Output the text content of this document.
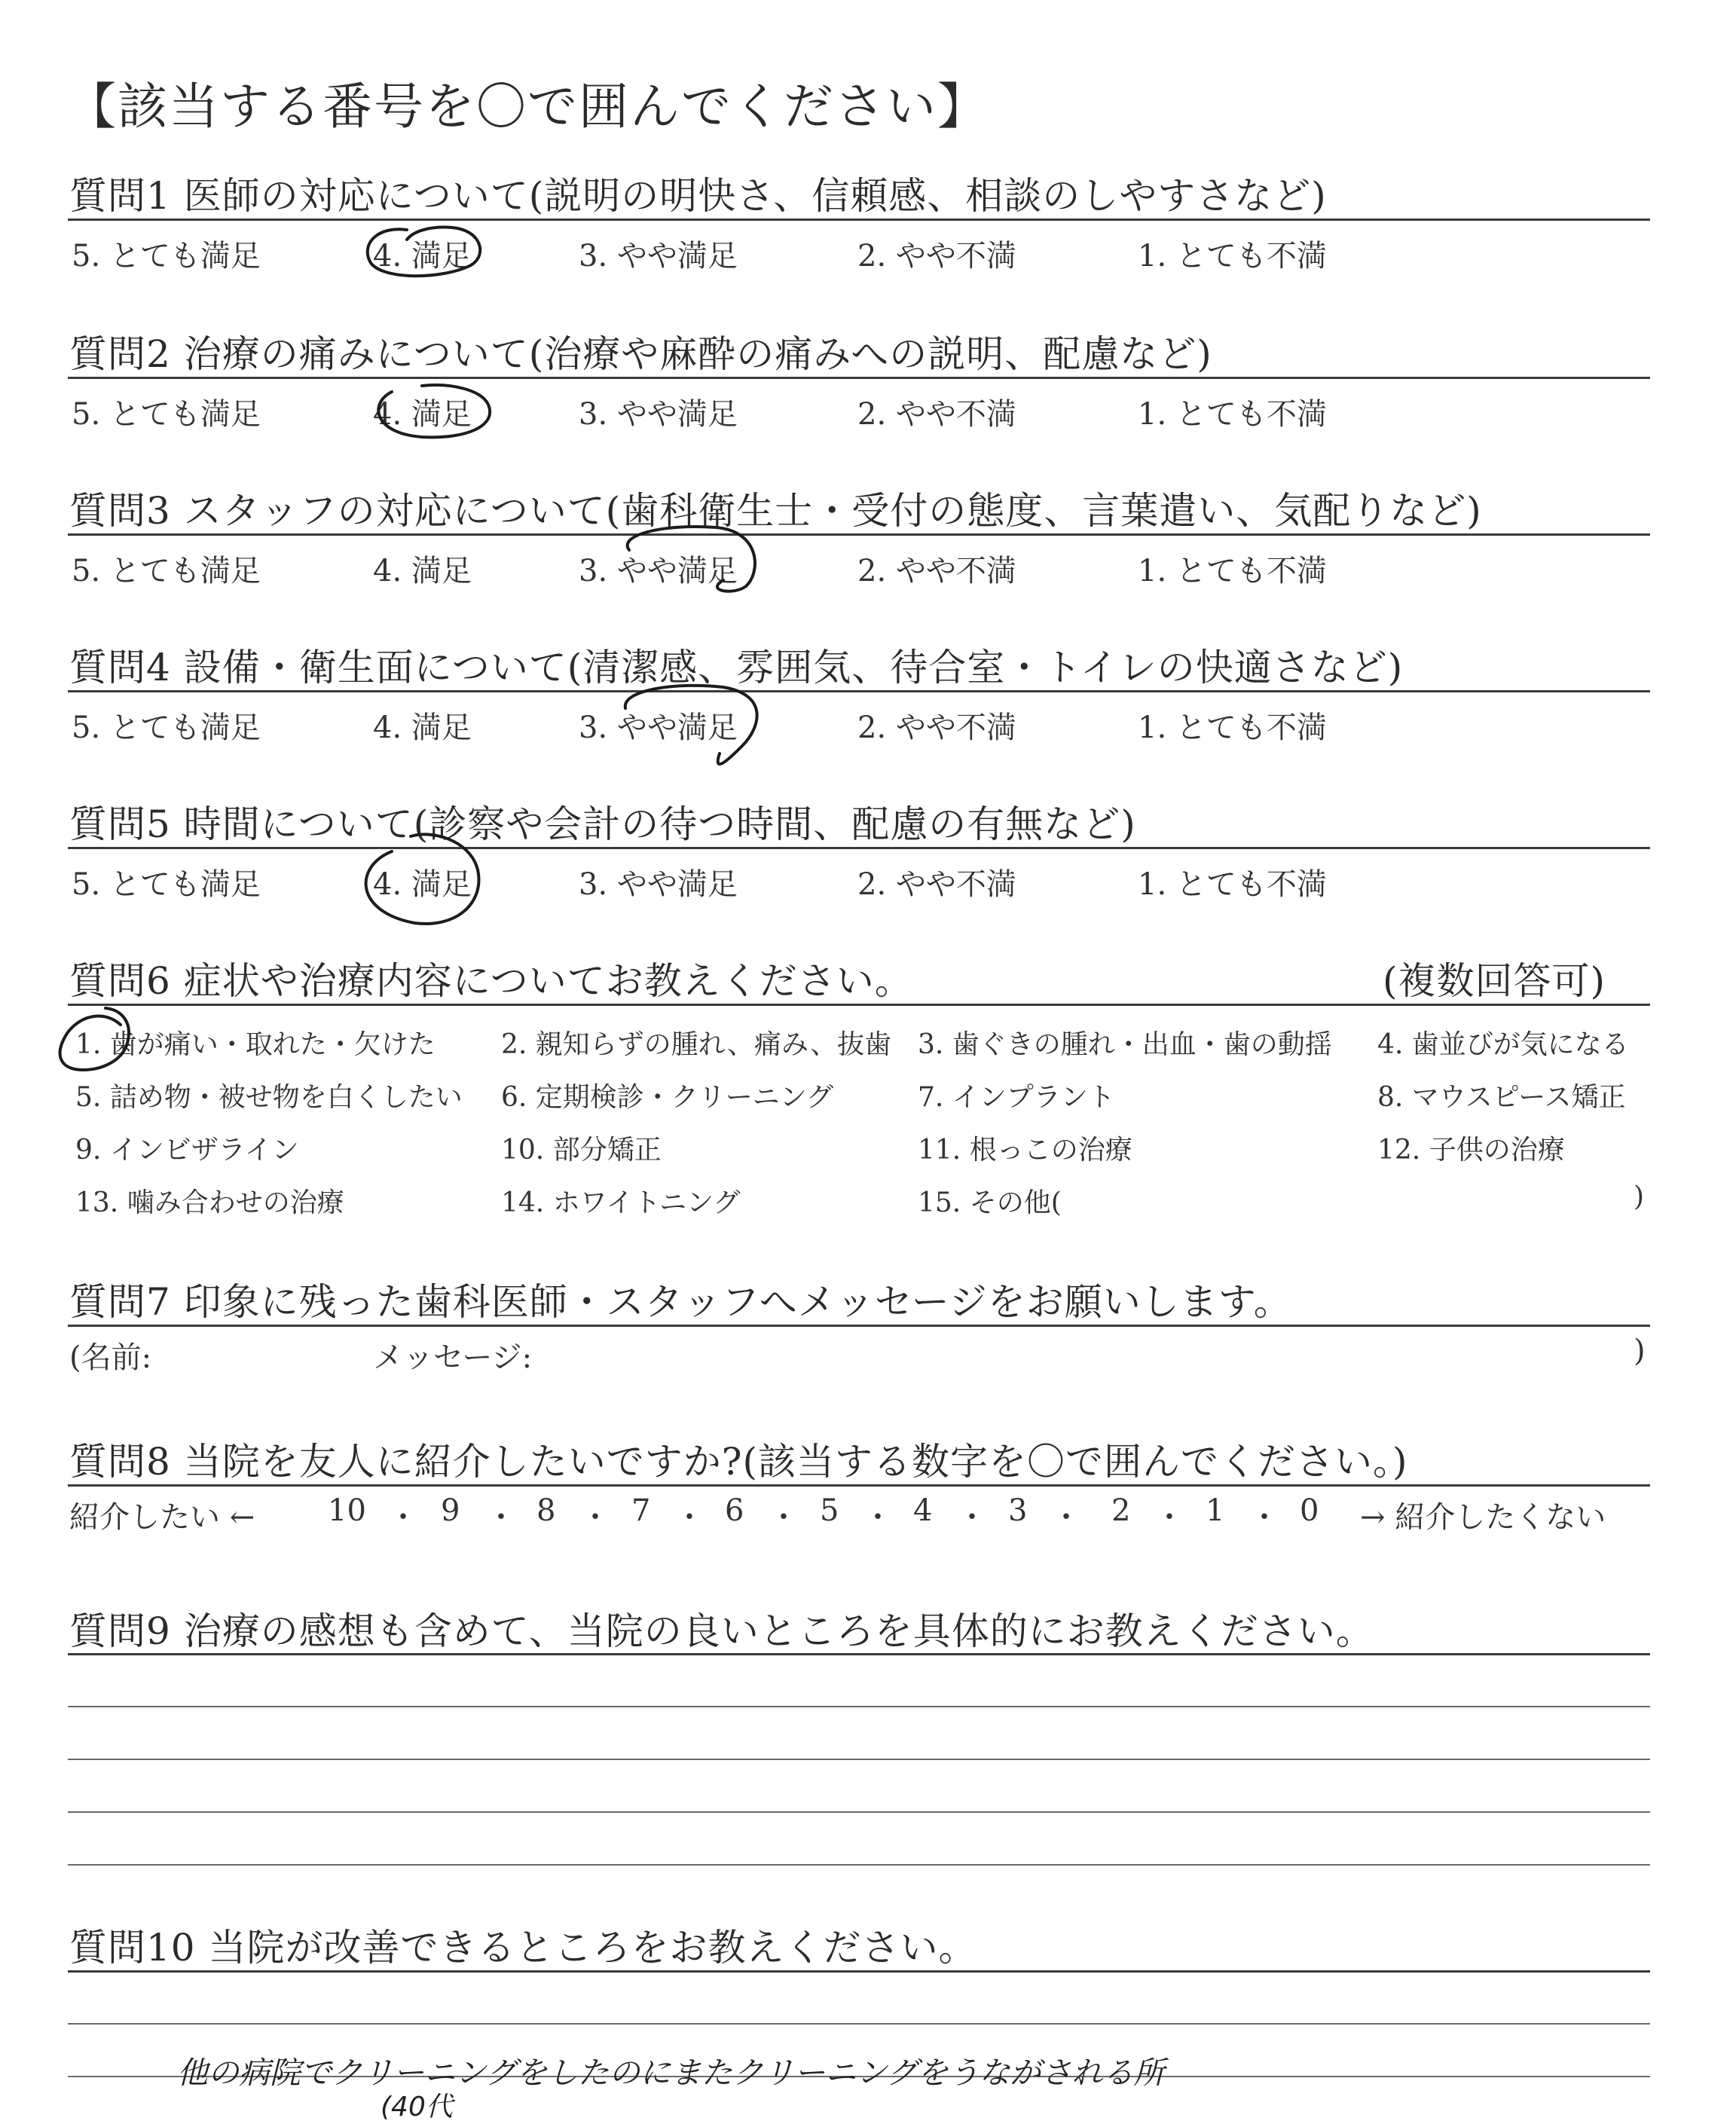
【該当する番号を〇で囲んでください】
質問1 医師の対応について(説明の明快さ、信頼感、相談のしやすさなど)
5. とても満足	4. 満足	3. やや満足	2. やや不満	1. とても不満
質問2 治療の痛みについて(治療や麻酔の痛みへの説明、配慮など)
5. とても満足	4. 満足	3. やや満足	2. やや不満	1. とても不満
質問3 スタッフの対応について(歯科衛生士・受付の態度、言葉遣い、気配りなど)
5. とても満足	4. 満足	3. やや満足	2. やや不満	1. とても不満
質問4 設備・衛生面について(清潔感、雰囲気、待合室・トイレの快適さなど)
5. とても満足	4. 満足	3. やや満足	2. やや不満	1. とても不満
質問5 時間について(診察や会計の待つ時間、配慮の有無など)
5. とても満足	4. 満足	3. やや満足	2. やや不満	1. とても不満
質問6 症状や治療内容についてお教えください。	(複数回答可)
1. 歯が痛い・取れた・欠けた 2. 親知らずの腫れ、痛み、抜歯 3. 歯ぐきの腫れ・出血・歯の動揺 4. 歯並びが気になる
5. 詰め物・被せ物を白くしたい 6. 定期検診・クリーニング	7. インプラント	8. マウスピース矯正
9. インビザライン	10. 部分矯正	11. 根っこの治療	12. 子供の治療
13. 噛み合わせの治療	14. ホワイトニング	15. その他(	)
質問7 印象に残った歯科医師・スタッフへメッセージをお願いします。
(名前:	メッセージ:	)
質問8 当院を友人に紹介したいですか?(該当する数字を〇で囲んでください。)
紹介したい ← 10 ・ 9 ・ 8 ・ 7 ・ 6 ・ 5 ・ 4 ・ 3 ・ 2 ・ 1 ・ 0 → 紹介したくない
質問9 治療の感想も含めて、当院の良いところを具体的にお教えください。
質問10 当院が改善できるところをお教えください。
他の病院でクリーニングをしたのにまたクリーニングをうながされる所
(40代
